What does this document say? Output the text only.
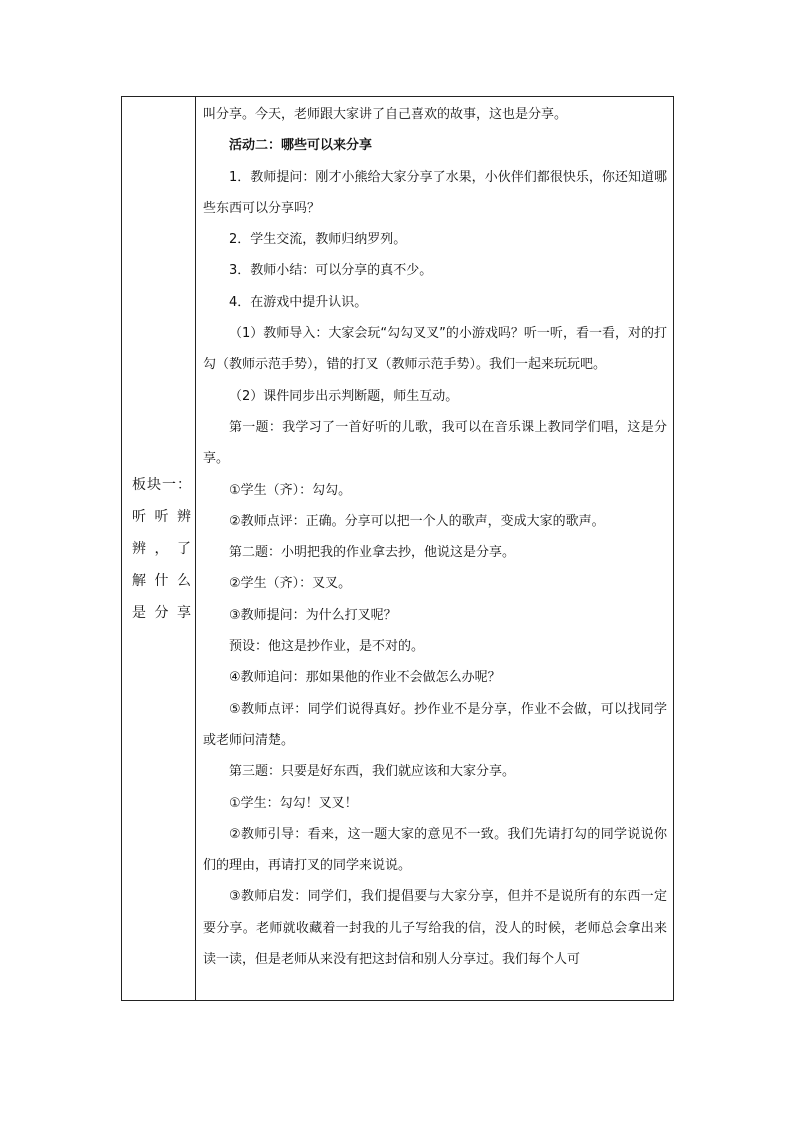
板块一：
听听辨
辨，了
解什么
是分享

叫分享。今天，老师跟大家讲了自己喜欢的故事，这也是分享。

活动二：哪些可以来分享

1．教师提问：刚才小熊给大家分享了水果，小伙伴们都很快乐，你还知道哪些东西可以分享吗？

2．学生交流，教师归纳罗列。

3．教师小结：可以分享的真不少。

4．在游戏中提升认识。

（1）教师导入：大家会玩“勾勾叉叉”的小游戏吗？听一听，看一看，对的打勾（教师示范手势），错的打叉（教师示范手势）。我们一起来玩玩吧。

（2）课件同步出示判断题，师生互动。

第一题：我学习了一首好听的儿歌，我可以在音乐课上教同学们唱，这是分享。

①学生（齐）：勾勾。

②教师点评：正确。分享可以把一个人的歌声，变成大家的歌声。

第二题：小明把我的作业拿去抄，他说这是分享。

②学生（齐）：叉叉。

③教师提问：为什么打叉呢？

预设：他这是抄作业，是不对的。

④教师追问：那如果他的作业不会做怎么办呢？

⑤教师点评：同学们说得真好。抄作业不是分享，作业不会做，可以找同学或老师问清楚。

第三题：只要是好东西，我们就应该和大家分享。

①学生：勾勾！叉叉！

②教师引导：看来，这一题大家的意见不一致。我们先请打勾的同学说说你们的理由，再请打叉的同学来说说。

③教师启发：同学们，我们提倡要与大家分享，但并不是说所有的东西一定要分享。老师就收藏着一封我的儿子写给我的信，没人的时候，老师总会拿出来读一读，但是老师从来没有把这封信和别人分享过。我们每个人可
